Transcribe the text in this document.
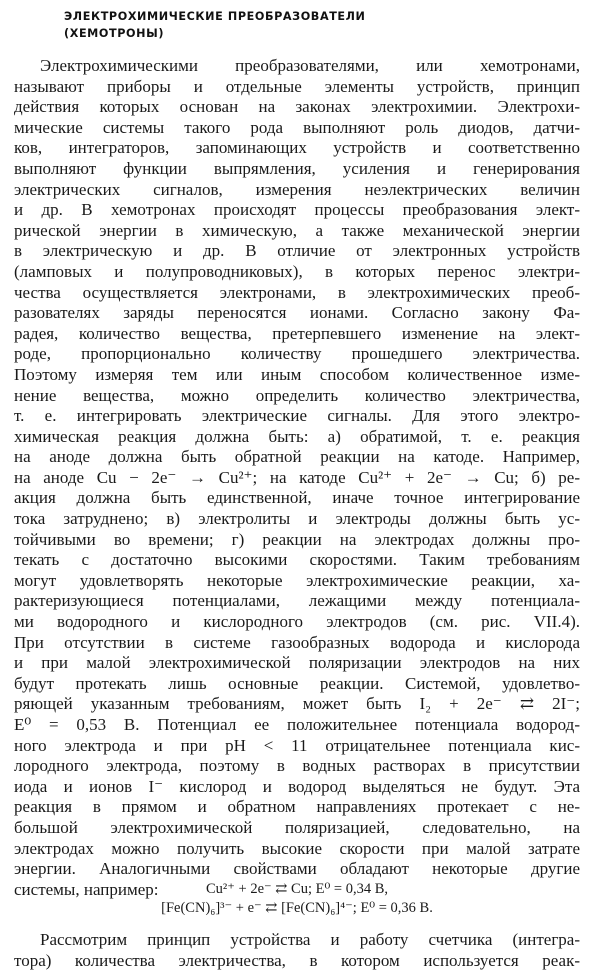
ЭЛЕКТРОХИМИЧЕСКИЕ ПРЕОБРАЗОВАТЕЛИ
(ХЕМОТРОНЫ)
Электрохимическими преобразователями, или хемотронами,
называют приборы и отдельные элементы устройств, принцип
действия которых основан на законах электрохимии. Электрохи-
мические системы такого рода выполняют роль диодов, датчи-
ков, интеграторов, запоминающих устройств и соответственно
выполняют функции выпрямления, усиления и генерирования
электрических сигналов, измерения неэлектрических величин
и др. В хемотронах происходят процессы преобразования элект-
рической энергии в химическую, а также механической энергии
в электрическую и др. В отличие от электронных устройств
(ламповых и полупроводниковых), в которых перенос электри-
чества осуществляется электронами, в электрохимических преоб-
разователях заряды переносятся ионами. Согласно закону Фа-
радея, количество вещества, претерпевшего изменение на элект-
роде, пропорционально количеству прошедшего электричества.
Поэтому измеряя тем или иным способом количественное изме-
нение вещества, можно определить количество электричества,
т. е. интегрировать электрические сигналы. Для этого электро-
химическая реакция должна быть: а) обратимой, т. е. реакция
на аноде должна быть обратной реакции на катоде. Например,
на аноде Cu − 2e⁻ → Cu²⁺; на катоде Cu²⁺ + 2e⁻ → Cu; б) ре-
акция должна быть единственной, иначе точное интегрирование
тока затруднено; в) электролиты и электроды должны быть ус-
тойчивыми во времени; г) реакции на электродах должны про-
текать с достаточно высокими скоростями. Таким требованиям
могут удовлетворять некоторые электрохимические реакции, ха-
рактеризующиеся потенциалами, лежащими между потенциала-
ми водородного и кислородного электродов (см. рис. VII.4).
При отсутствии в системе газообразных водорода и кислорода
и при малой электрохимической поляризации электродов на них
будут протекать лишь основные реакции. Системой, удовлетво-
ряющей указанным требованиям, может быть I₂ + 2e⁻ ⇄ 2I⁻;
E⁰ = 0,53 В. Потенциал ее положительнее потенциала водород-
ного электрода и при pH < 11 отрицательнее потенциала кис-
лородного электрода, поэтому в водных растворах в присутствии
иода и ионов I⁻ кислород и водород выделяться не будут. Эта
реакция в прямом и обратном направлениях протекает с не-
большой электрохимической поляризацией, следовательно, на
электродах можно получить высокие скорости при малой затрате
энергии. Аналогичными свойствами обладают некоторые другие
системы, например:	Cu²⁺ + 2e⁻ ⇄ Cu; E⁰ = 0,34 В,
[Fe(CN)₆]³⁻ + e⁻ ⇄ [Fe(CN)₆]⁴⁻; E⁰ = 0,36 В.
Рассмотрим принцип устройства и работу счетчика (интегра-
тора) количества электричества, в котором используется реак-
